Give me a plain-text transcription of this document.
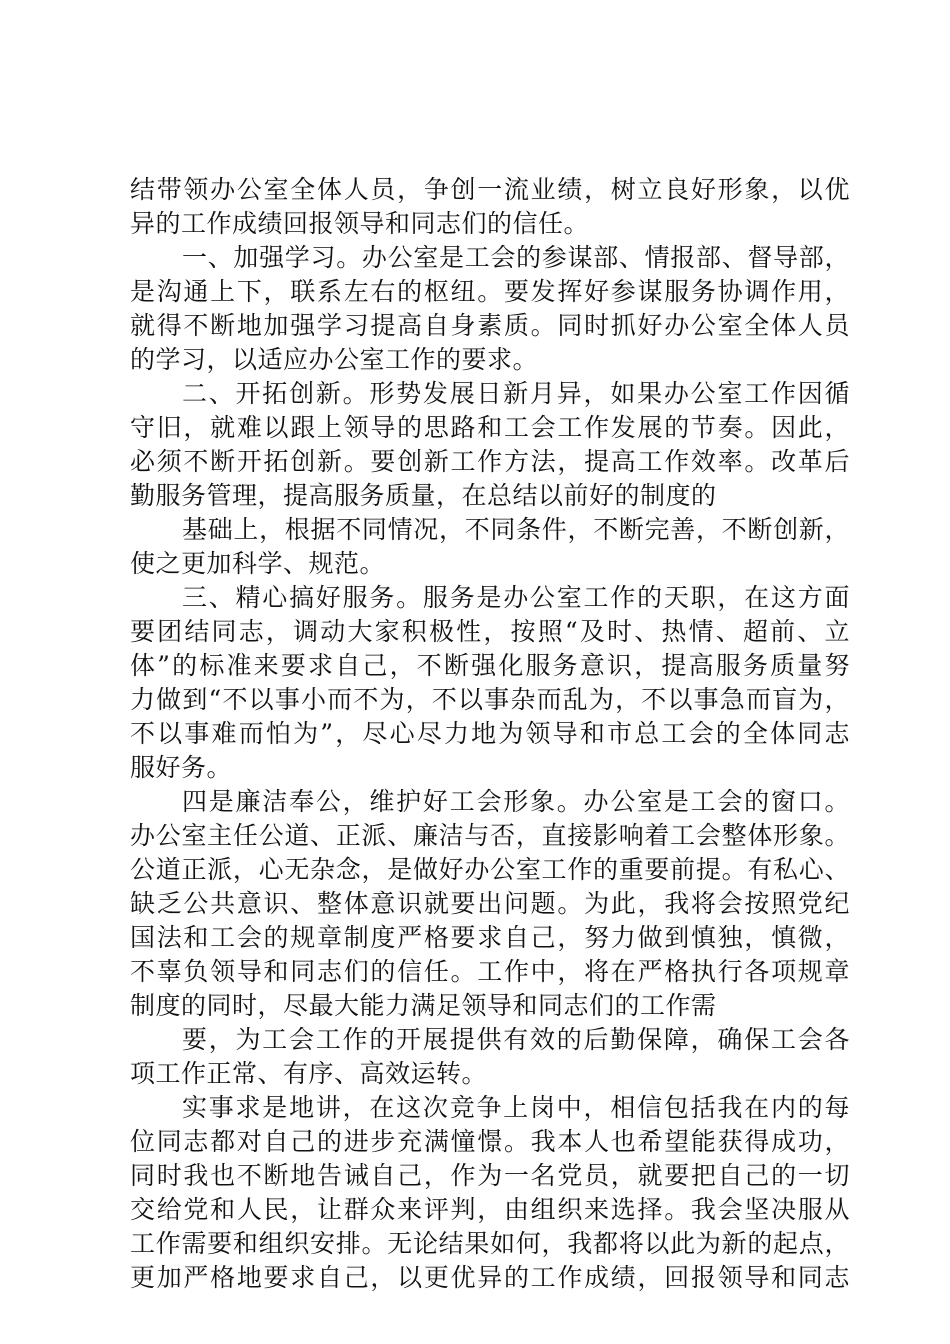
结带领办公室全体人员，争创一流业绩，树立良好形象，以优
异的工作成绩回报领导和同志们的信任。
一、加强学习。办公室是工会的参谋部、情报部、督导部，
是沟通上下，联系左右的枢纽。要发挥好参谋服务协调作用，
就得不断地加强学习提高自身素质。同时抓好办公室全体人员
的学习，以适应办公室工作的要求。
二、开拓创新。形势发展日新月异，如果办公室工作因循
守旧，就难以跟上领导的思路和工会工作发展的节奏。因此，
必须不断开拓创新。要创新工作方法，提高工作效率。改革后
勤服务管理，提高服务质量，在总结以前好的制度的
基础上，根据不同情况，不同条件，不断完善，不断创新，
使之更加科学、规范。
三、精心搞好服务。服务是办公室工作的天职，在这方面
要团结同志，调动大家积极性，按照“及时、热情、超前、立
体”的标准来要求自己，不断强化服务意识，提高服务质量努
力做到“不以事小而不为，不以事杂而乱为，不以事急而盲为，
不以事难而怕为”，尽心尽力地为领导和市总工会的全体同志
服好务。
四是廉洁奉公，维护好工会形象。办公室是工会的窗口。
办公室主任公道、正派、廉洁与否，直接影响着工会整体形象。
公道正派，心无杂念，是做好办公室工作的重要前提。有私心、
缺乏公共意识、整体意识就要出问题。为此，我将会按照党纪
国法和工会的规章制度严格要求自己，努力做到慎独，慎微，
不辜负领导和同志们的信任。工作中，将在严格执行各项规章
制度的同时，尽最大能力满足领导和同志们的工作需
要，为工会工作的开展提供有效的后勤保障，确保工会各
项工作正常、有序、高效运转。
实事求是地讲，在这次竞争上岗中，相信包括我在内的每
位同志都对自己的进步充满憧憬。我本人也希望能获得成功，
同时我也不断地告诫自己，作为一名党员，就要把自己的一切
交给党和人民，让群众来评判，由组织来选择。我会坚决服从
工作需要和组织安排。无论结果如何，我都将以此为新的起点，
更加严格地要求自己，以更优异的工作成绩，回报领导和同志
